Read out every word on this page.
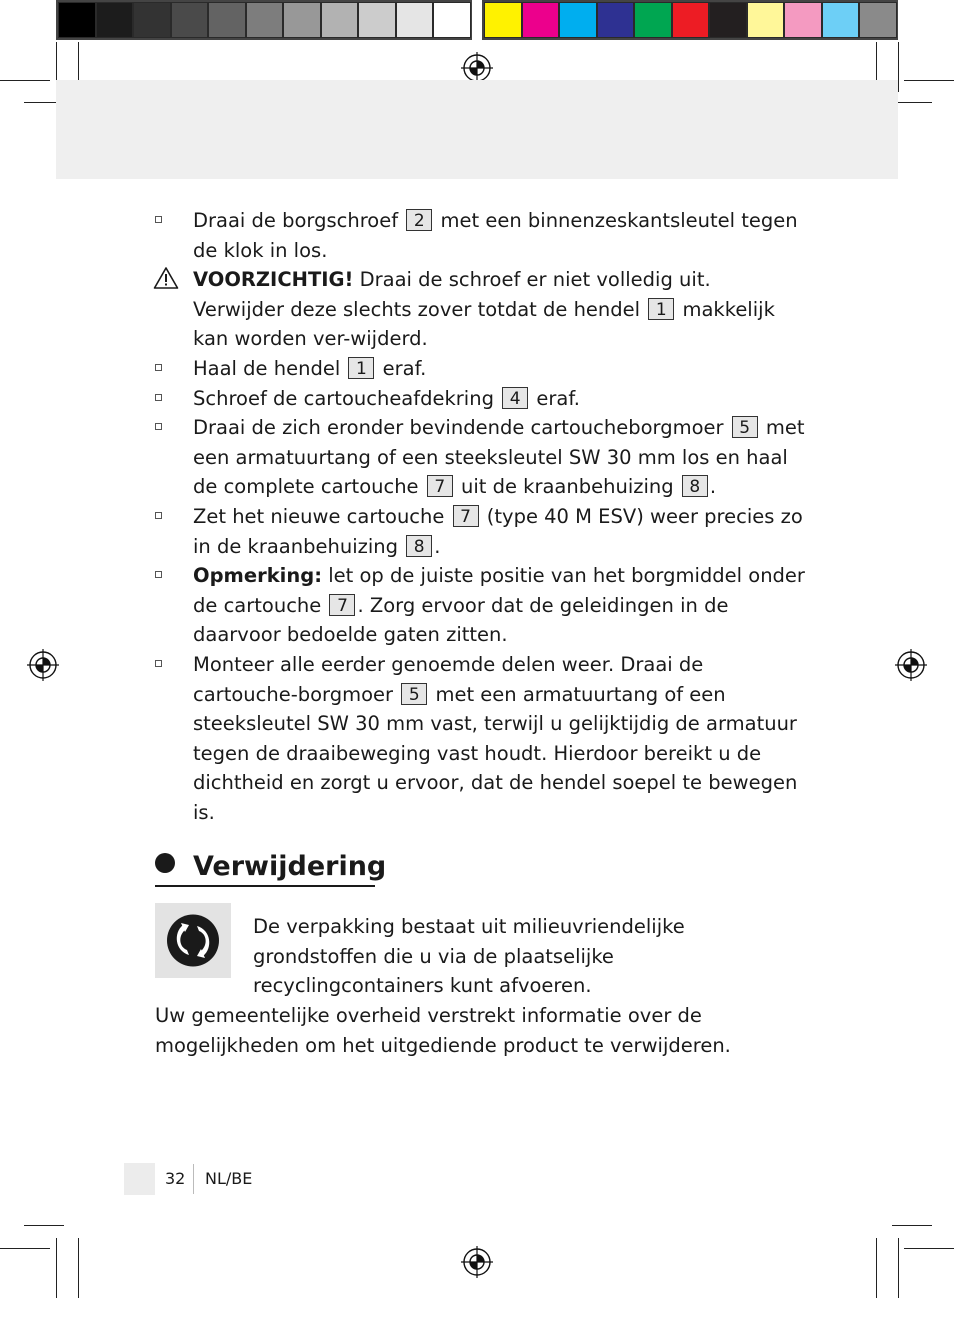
Draai de borgschroef 2 met een binnenzeskantsleutel tegen de klok in los.
VOORZICHTIG! Draai de schroef er niet volledig uit. Verwijder deze slechts zover totdat de hendel 1 makkelijk kan worden ver-wijderd.
Haal de hendel 1 eraf.
Schroef de cartoucheafdekring 4 eraf.
Draai de zich eronder bevindende cartoucheborgmoer 5 met een armatuurtang of een steeksleutel SW 30 mm los en haal de complete cartouche 7 uit de kraanbehuizing 8 .
Zet het nieuwe cartouche 7 (type 40 M ESV) weer precies zo in de kraanbehuizing 8 .
Opmerking: let op de juiste positie van het borgmiddel onder de cartouche 7 . Zorg ervoor dat de geleidingen in de daarvoor bedoelde gaten zitten.
Monteer alle eerder genoemde delen weer. Draai de cartouche-borgmoer 5 met een armatuurtang of een steeksleutel SW 30 mm vast, terwijl u gelijktijdig de armatuur tegen de draaibeweging vast houdt. Hierdoor bereikt u de dichtheid en zorgt u ervoor, dat de hendel soepel te bewegen is.
Verwijdering
De verpakking bestaat uit milieuvriendelijke grondstoffen die u via de plaatselijke recyclingcontainers kunt afvoeren.
Uw gemeentelijke overheid verstrekt informatie over de mogelijkheden om het uitgediende product te verwijderen.
32 NL/BE
